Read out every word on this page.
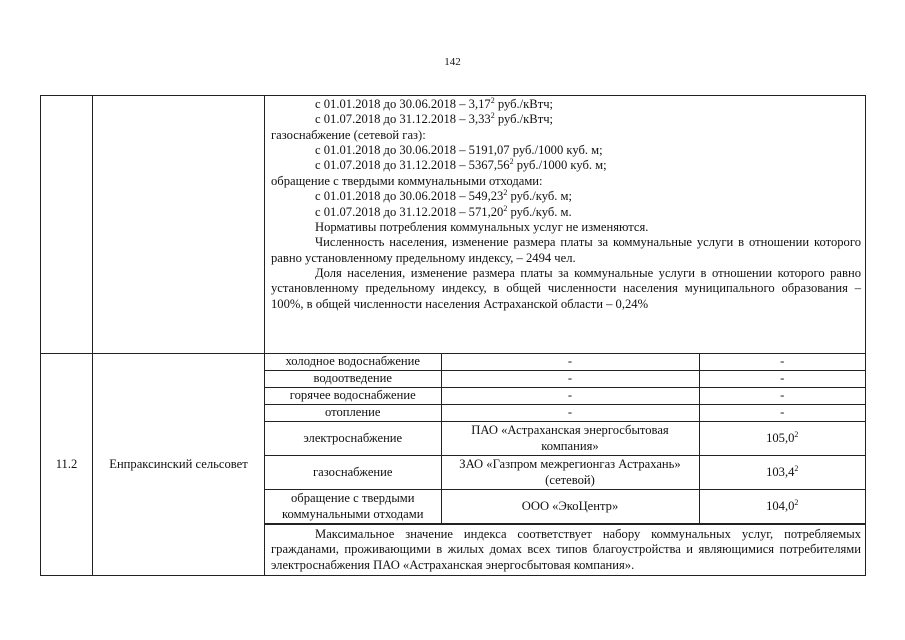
142

с 01.01.2018 до 30.06.2018 – 3,17$^2$ руб./кВтч;

с 01.07.2018 до 31.12.2018 – 3,33$^2$ руб./кВтч;

газоснабжение (сетевой газ):

с 01.01.2018 до 30.06.2018 – 5191,07 руб./1000 куб. м;

с 01.07.2018 до 31.12.2018 – 5367,56$^2$ руб./1000 куб. м;

обращение с твердыми коммунальными отходами:

с 01.01.2018 до 30.06.2018 – 549,23$^2$ руб./куб. м;

с 01.07.2018 до 31.12.2018 – 571,20$^2$ руб./куб. м.

Нормативы потребления коммунальных услуг не изменяются.

Численность населения, изменение размера платы за коммунальные услуги в отношении которого равно установленному предельному индексу, – 2494 чел.

Доля населения, изменение размера платы за коммунальные услуги в отношении которого равно установленному предельному индексу, в общей численности населения муниципального образования – 100%, в общей численности населения Астраханской области – 0,24%

11.2	Енпраксинский сельсовет	
холодное водоснабжение	-	-
водоотведение	-	-
горячее водоснабжение	-	-
отопление	-	-
электроснабжение	ПАО «Астраханская энергосбытовая компания»	105,0$^2$
газоснабжение	ЗАО «Газпром межрегионгаз Астрахань» (сетевой)	103,4$^2$
обращение с твердыми коммунальными отходами	ООО «ЭкоЦентр»	104,0$^2$

Максимальное значение индекса соответствует набору коммунальных услуг, потребляемых гражданами, проживающими в жилых домах всех типов благоустройства и являющимися потребителями электроснабжения ПАО «Астраханская энергосбытовая компания».
